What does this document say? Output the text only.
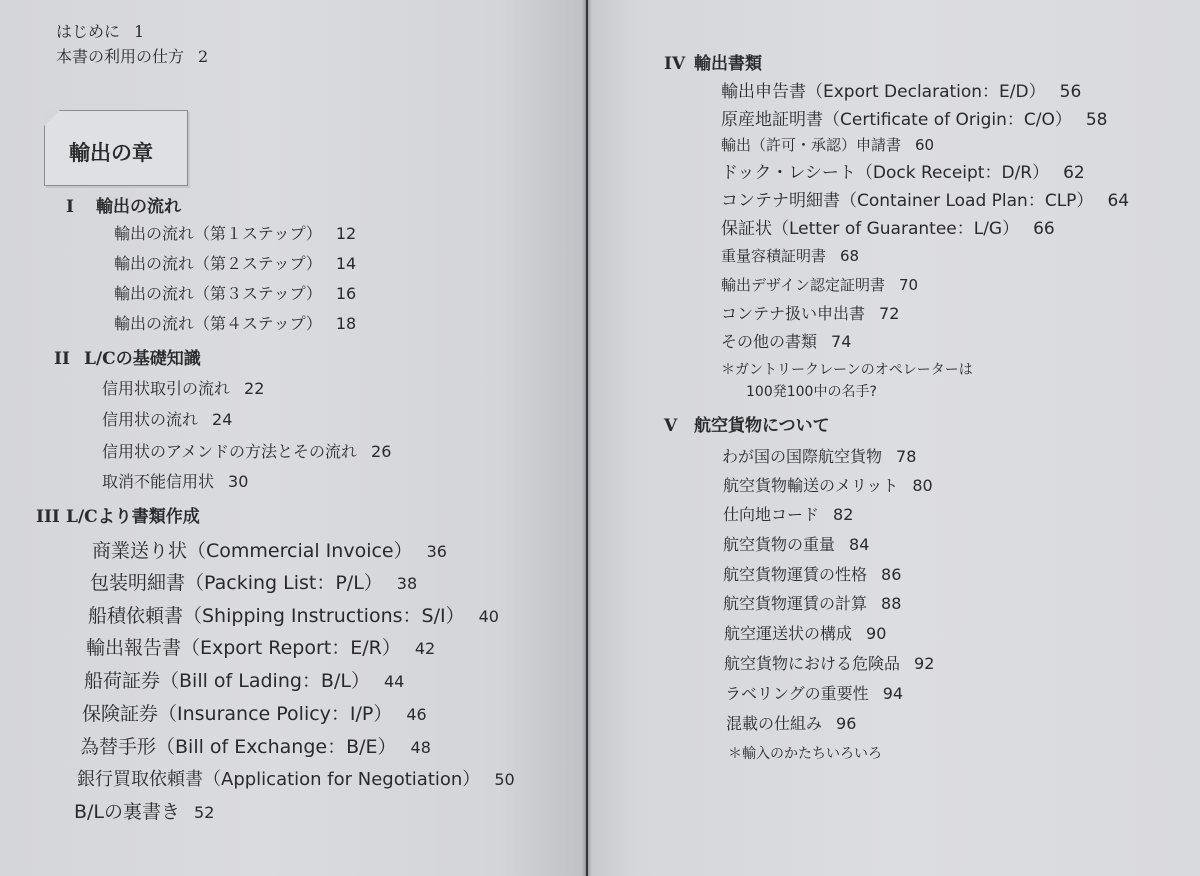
はじめに 1
本書の利用の仕方 2
輸出の章
I 輸出の流れ
輸出の流れ（第１ステップ） 12
輸出の流れ（第２ステップ） 14
輸出の流れ（第３ステップ） 16
輸出の流れ（第４ステップ） 18
II L/Cの基礎知識
信用状取引の流れ 22
信用状の流れ 24
信用状のアメンドの方法とその流れ 26
取消不能信用状 30
III L/Cより書類作成
商業送り状（Commercial Invoice） 36
包装明細書（Packing List：P/L） 38
船積依頼書（Shipping Instructions：S/I） 40
輸出報告書（Export Report：E/R） 42
船荷証券（Bill of Lading：B/L） 44
保険証券（Insurance Policy：I/P） 46
為替手形（Bill of Exchange：B/E） 48
銀行買取依頼書（Application for Negotiation） 50
B/Lの裏書き 52
IV 輸出書類
輸出申告書（Export Declaration：E/D） 56
原産地証明書（Certificate of Origin：C/O） 58
輸出（許可・承認）申請書 60
ドック・レシート（Dock Receipt：D/R） 62
コンテナ明細書（Container Load Plan：CLP） 64
保証状（Letter of Guarantee：L/G） 66
重量容積証明書 68
輸出デザイン認定証明書 70
コンテナ扱い申出書 72
その他の書類 74
＊ガントリークレーンのオペレーターは
100発100中の名手?
V 航空貨物について
わが国の国際航空貨物 78
航空貨物輸送のメリット 80
仕向地コード 82
航空貨物の重量 84
航空貨物運賃の性格 86
航空貨物運賃の計算 88
航空運送状の構成 90
航空貨物における危険品 92
ラベリングの重要性 94
混載の仕組み 96
＊輸入のかたちいろいろ
